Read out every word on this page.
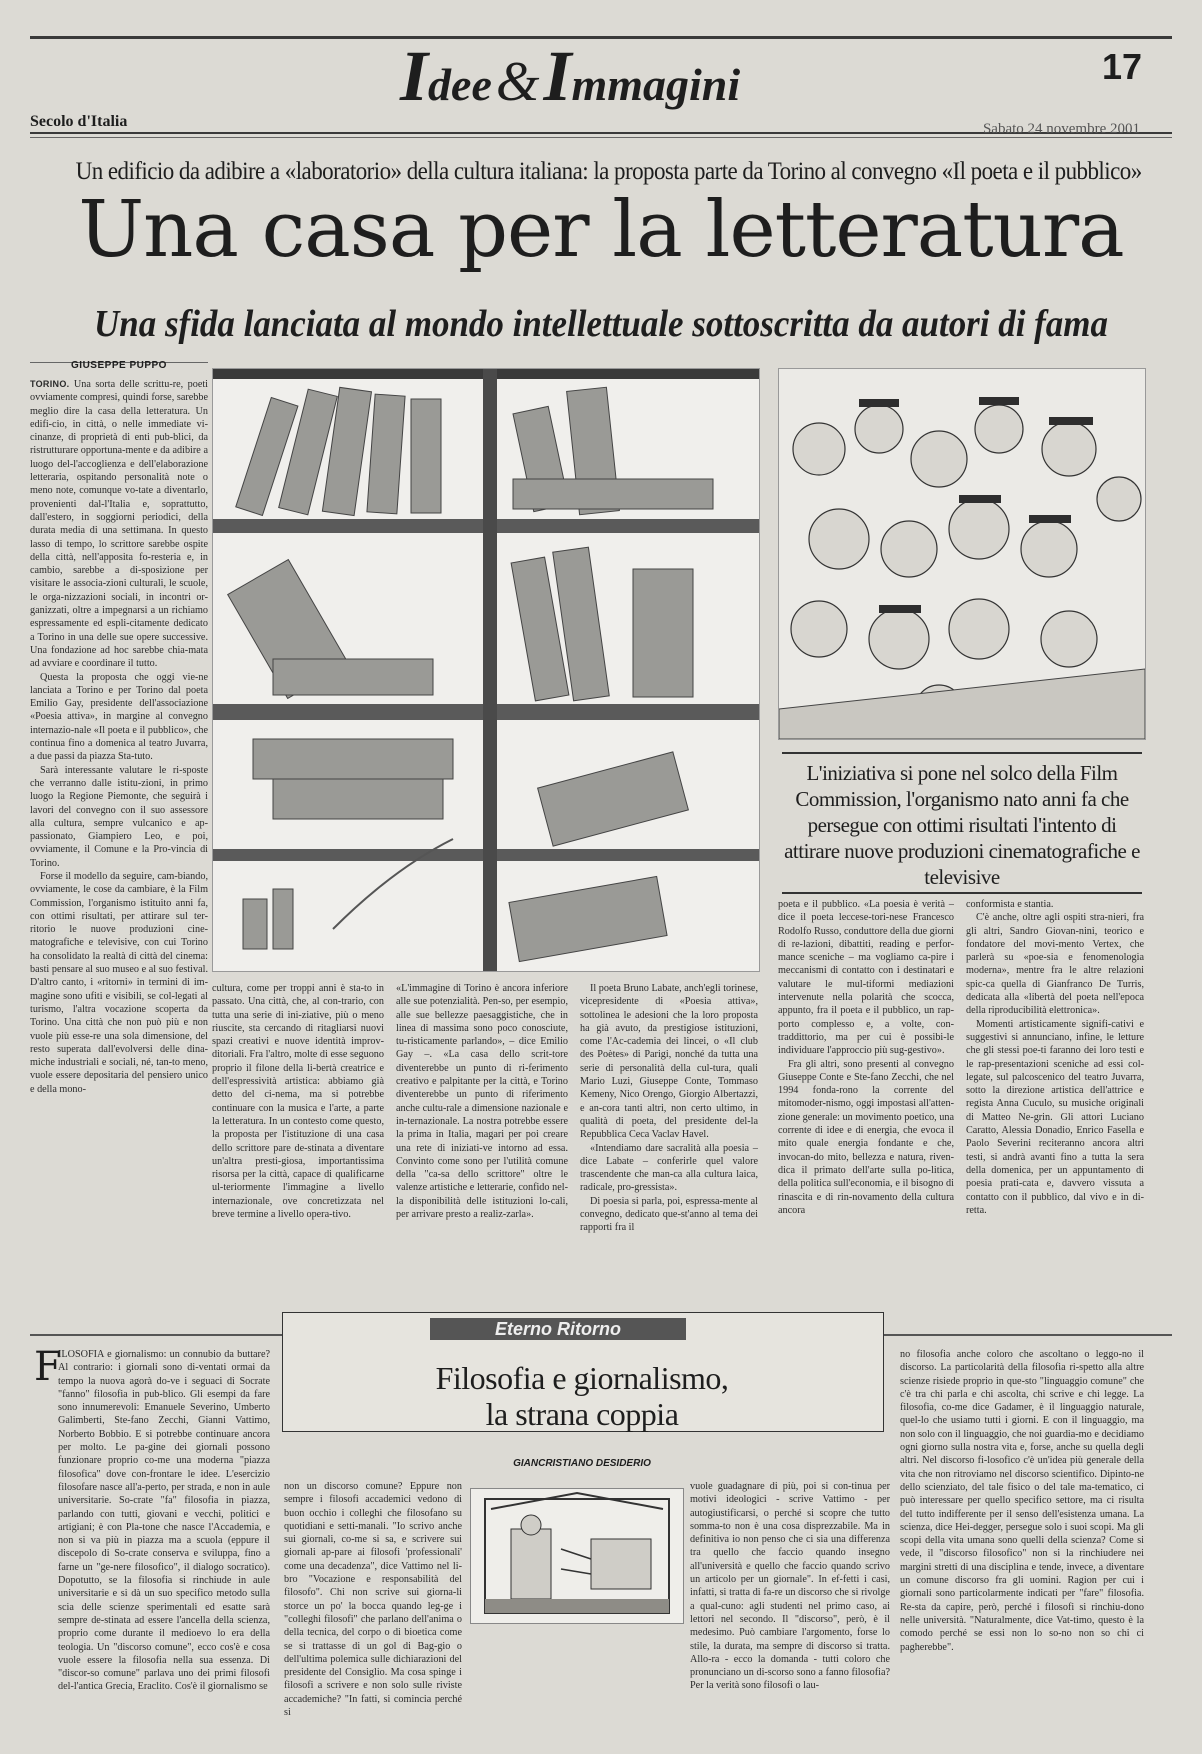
Idee & Immagini	17
Secolo d'Italia	Sabato 24 novembre 2001
Un edificio da adibire a «laboratorio» della cultura italiana: la proposta parte da Torino al convegno «Il poeta e il pubblico»
Una casa per la letteratura
Una sfida lanciata al mondo intellettuale sottoscritta da autori di fama
GIUSEPPE PUPPO

TORINO. Una sorta delle scrittu-re, poeti ovviamente compresi, quindi forse, sarebbe meglio dire la casa della letteratura. Un edifi-cio, in città, o nelle immediate vi-cinanze, di proprietà di enti pub-blici, da ristrutturare opportuna-mente e da adibire a luogo del-l'accoglienza e dell'elaborazione letteraria, ospitando personalità note o meno note, comunque vo-tate a diventarlo, provenienti dal-l'Italia e, soprattutto, dall'estero, in soggiorni periodici, della durata media di una settimana. In questo lasso di tempo, lo scrittore sarebbe ospite della città, nell'apposita fo-resteria e, in cambio, sarebbe a di-sposizione per visitare le associa-zioni culturali, le scuole, le orga-nizzazioni sociali, in incontri or-ganizzati, oltre a impegnarsi a un richiamo espressamente ed espli-citamente dedicato a Torino in una delle sue opere successive. Una fondazione ad hoc sarebbe chia-mata ad avviare e coordinare il tutto.

Questa la proposta che oggi vie-ne lanciata a Torino e per Torino dal poeta Emilio Gay, presidente dell'associazione «Poesia attiva», in margine al convegno internazio-nale «Il poeta e il pubblico», che continua fino a domenica al teatro Juvarra, a due passi da piazza Sta-tuto.

Sarà interessante valutare le ri-sposte che verranno dalle istitu-zioni, in primo luogo la Regione Piemonte, che seguirà i lavori del convegno con il suo assessore alla cultura, sempre vulcanico e ap-passionato, Giampiero Leo, e poi, ovviamente, il Comune e la Pro-vincia di Torino.

Forse il modello da seguire, cam-biando, ovviamente, le cose da cambiare, è la Film Commission, l'organismo istituito anni fa, con ottimi risultati, per attirare sul ter-ritorio le nuove produzioni cine-matografiche e televisive, con cui Torino ha consolidato la realtà di città del cinema: basti pensare al suo museo e al suo festival. D'altro canto, i «ritorni» in termini di im-magine sono ufiti e visibili, se col-legati al turismo, l'altra vocazione scoperta da Torino. Una città che non può più e non vuole più esse-re una sola dimensione, del resto superata dall'evolversi delle dina-miche industriali e sociali, né, tan-to meno, vuole essere depositaria del pensiero unico e della mono-

L'iniziativa si pone nel solco della Film Commission, l'organismo nato anni fa che persegue con ottimi risultati l'intento di attirare nuove produzioni cinematografiche e televisive

cultura, come per troppi anni è sta-to in passato. Una città, che, al con-trario, con tutta una serie di ini-ziative, più o meno riuscite, sta cercando di ritagliarsi nuovi spazi creativi e nuove identità improv-ditoriali. Fra l'altro, molte di esse seguono proprio il filone della li-bertà creatrice e dell'espressività artistica: abbiamo già detto del ci-nema, ma si potrebbe continuare con la musica e l'arte, a parte la letteratura. In un contesto come questo, la proposta per l'istituzione di una casa dello scrittore pare de-stinata a diventare un'altra presti-giosa, importantissima risorsa per la città, capace di qualificarne ul-teriormente l'immagine a livello internazionale, ove concretizzata nel breve termine a livello opera-tivo.

«L'immagine di Torino è ancora inferiore alle sue potenzialità. Pen-so, per esempio, alle sue bellezze paesaggistiche, che in linea di massima sono poco conosciute, tu-risticamente parlando», – dice Emilio Gay –. «La casa dello scrit-tore diventerebbe un punto di ri-ferimento creativo e palpitante per la città, e Torino diventerebbe un punto di riferimento anche cultu-rale a dimensione nazionale e in-ternazionale. La nostra potrebbe essere la prima in Italia, magari per poi creare una rete di iniziati-ve intorno ad essa. Convinto come sono per l'utilità comune della "ca-sa dello scrittore" oltre le valenze artistiche e letterarie, confido nel-la disponibilità delle istituzioni lo-cali, per arrivare presto a realiz-zarla».

Il poeta Bruno Labate, anch'egli torinese, vicepresidente di «Poesia attiva», sottolinea le adesioni che la loro proposta ha già avuto, da prestigiose istituzioni, come l'Ac-cademia dei lincei, o «Il club des Poètes» di Parigi, nonché da tutta una serie di personalità della cul-tura, quali Mario Luzi, Giuseppe Conte, Tommaso Kemeny, Nico Orengo, Giorgio Albertazzi, e an-cora tanti altri, non certo ultimo, in qualità di poeta, del presidente del-la Repubblica Ceca Vaclav Havel.

«Intendiamo dare sacralità alla poesia – dice Labate – conferirle quel valore trascendente che man-ca alla cultura laica, radicale, pro-gressista».

Di poesia si parla, poi, espressa-mente al convegno, dedicato que-st'anno al tema dei rapporti fra il

poeta e il pubblico. «La poesia è verità – dice il poeta leccese-tori-nese Francesco Rodolfo Russo, conduttore della due giorni di re-lazioni, dibattiti, reading e perfor-mance sceniche – ma vogliamo ca-pire i meccanismi di contatto con i destinatari e valutare le mul-tiformi mediazioni intervenute nella polarità che scocca, appunto, fra il poeta e il pubblico, un rap-porto complesso e, a volte, con-traddittorio, ma per cui è possibi-le individuare l'approccio più sug-gestivo».

Fra gli altri, sono presenti al convegno Giuseppe Conte e Ste-fano Zecchi, che nel 1994 fonda-rono la corrente del mitomoder-nismo, oggi impostasi all'atten-zione generale: un movimento poetico, una corrente di idee e di energia, che evoca il mito quale energia fondante e che, invocan-do mito, bellezza e natura, riven-dica il primato dell'arte sulla po-litica, della politica sull'economia, e il bisogno di rinascita e di rin-novamento della cultura ancora

conformista e stantia.

C'è anche, oltre agli ospiti stra-nieri, fra gli altri, Sandro Giovan-nini, teorico e fondatore del movi-mento Vertex, che parlerà su «poe-sia e fenomenologia moderna», mentre fra le altre relazioni spic-ca quella di Gianfranco De Turris, dedicata alla «libertà del poeta nell'epoca della riproducibilità elettronica».

Momenti artisticamente signifi-cativi e suggestivi si annunciano, infine, le letture che gli stessi poe-ti faranno dei loro testi e le rap-presentazioni sceniche ad essi col-legate, sul palcoscenico del teatro Juvarra, sotto la direzione artistica dell'attrice e regista Anna Cuculo, su musiche originali di Matteo Ne-grin. Gli attori Luciano Caratto, Alessia Donadio, Enrico Fasella e Paolo Severini reciteranno ancora altri testi, si andrà avanti fino a tutta la sera della domenica, per un appuntamento di poesia prati-cata e, davvero vissuta a contatto con il pubblico, dal vivo e in di-retta.

Eterno Ritorno
Filosofia e giornalismo,
la strana coppia
GIANCRISTIANO DESIDERIO
F

ILOSOFIA e giornalismo: un connubio da buttare? Al contrario: i giornali sono di-ventati ormai da tempo la nuova agorà do-ve i seguaci di Socrate "fanno" filosofia in pub-blico. Gli esempi da fare sono innumerevoli: Emanuele Severino, Umberto Galimberti, Ste-fano Zecchi, Gianni Vattimo, Norberto Bobbio. E si potrebbe continuare ancora per molto. Le pa-gine dei giornali possono funzionare proprio co-me una moderna "piazza filosofica" dove con-frontare le idee. L'esercizio filosofare nasce all'a-perto, per strada, e non in aule universitarie. So-crate "fa" filosofia in piazza, parlando con tutti, giovani e vecchi, politici e artigiani; è con Pla-tone che nasce l'Accademia, e non si va più in piazza ma a scuola (eppure il discepolo di So-crate conserva e sviluppa, fino a farne un "ge-nere filosofico", il dialogo socratico). Dopotutto, se la filosofia si rinchiude in aule universitarie e si dà un suo specifico metodo sulla scia delle scienze sperimentali ed esatte sarà sempre de-stinata ad essere l'ancella della scienza, proprio come durante il medioevo lo era della teologia. Un "discorso comune", ecco cos'è e cosa vuole essere la filosofia nella sua essenza. Di "discor-so comune" parlava uno dei primi filosofi del-l'antica Grecia, Eraclito. Cos'è il giornalismo se

non un discorso comune? Eppure non sempre i filosofi accademici vedono di buon occhio i colleghi che filosofano su quotidiani e setti-manali. "Io scrivo anche sui giornali, co-me si sa, e scrivere sui giornali ap-pare ai filosofi 'professionali' come una decadenza", dice Vattimo nel li-bro "Vocazione e responsabilità del filosofo". Chi non scrive sui giorna-li storce un po' la bocca quando leg-ge i "colleghi filosofi" che parlano dell'anima o della tecnica, del corpo o di bioetica come se si trattasse di un gol di Bag-gio o dell'ultima polemica sulle dichiarazioni del presidente del Consiglio. Ma cosa spinge i filosofi a scrivere e non solo sulle riviste accademiche? "In fatti, si comincia perché si

vuole guadagnare di più, poi si con-tinua per motivi ideologici - scrive Vattimo - per autogiustificarsi, o perché si scopre che tutto somma-to non è una cosa disprezzabile. Ma in definitiva io non penso che ci sia una differenza tra quello che faccio quando insegno all'università e quello che faccio quando scrivo un articolo per un giornale". In ef-fetti i casi, infatti, si tratta di fa-re un discorso che si rivolge a qual-cuno: agli studenti nel primo caso, ai lettori nel secondo. Il "discorso", però, è il medesimo. Può cambiare l'argomento, forse lo stile, la durata, ma sempre di discorso si tratta. Allo-ra - ecco la domanda - tutti coloro che pronunciano un di-scorso sono a fanno filosofia? Per la verità sono filosofi o lau-

no filosofia anche coloro che ascoltano o leggo-no il discorso. La particolarità della filosofia ri-spetto alla altre scienze risiede proprio in que-sto "linguaggio comune" che c'è tra chi parla e chi ascolta, chi scrive e chi legge. La filosofia, co-me dice Gadamer, è il linguaggio naturale, quel-lo che usiamo tutti i giorni. E con il linguaggio, ma non solo con il linguaggio, che noi guardia-mo e decidiamo ogni giorno sulla nostra vita e, forse, anche su quella degli altri. Nel discorso fi-losofico c'è un'idea più generale della vita che non ritroviamo nel discorso scientifico. Dipinto-ne dello scienziato, del tale fisico o del tale ma-tematico, ci può interessare per quello specifico settore, ma ci risulta del tutto indifferente per il senso dell'esistenza umana. La scienza, dice Hei-degger, persegue solo i suoi scopi. Ma gli scopi della vita umana sono quelli della scienza? Come si vede, il "discorso filosofico" non si la rinchiudere nei margini stretti di una disciplina e tende, invece, a diventare un comune discorso fra gli uomini. Ragion per cui i giornali sono particolarmente indicati per "fare" filosofia. Re-sta da capire, però, perché i filosofi si rinchiu-dono nelle università. "Naturalmente, dice Vat-timo, questo è la comodo perché se essi non lo so-no non so chi ci pagherebbe".
